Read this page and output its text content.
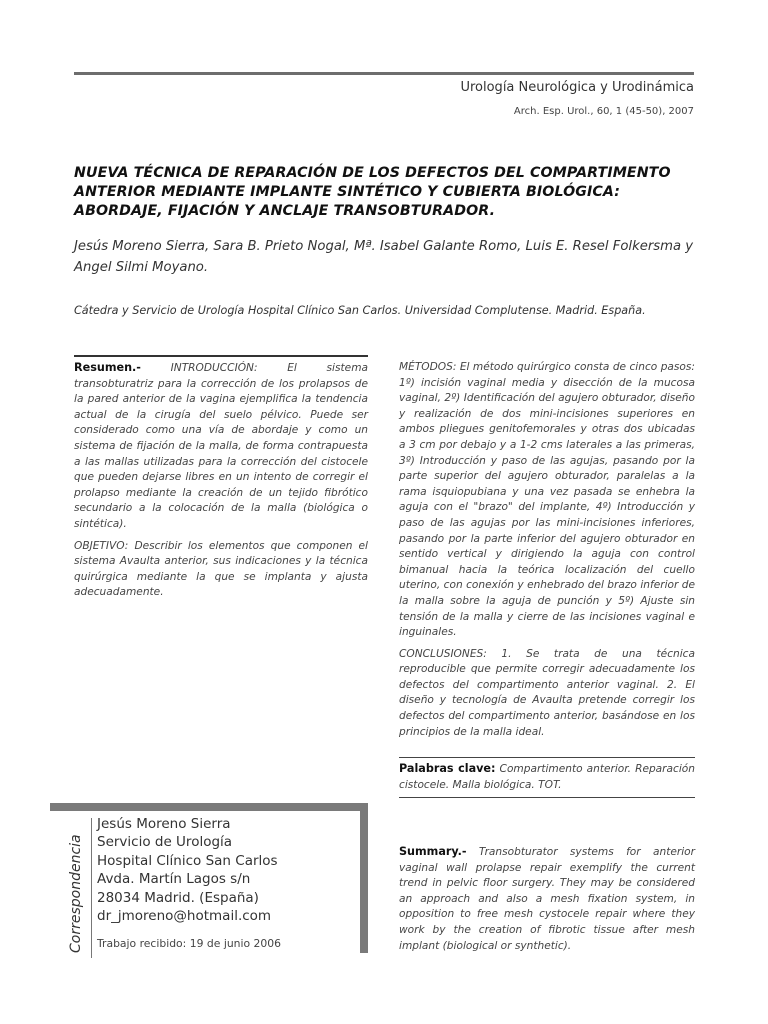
Urología Neurológica y Urodinámica
Arch. Esp. Urol., 60, 1 (45-50), 2007
NUEVA TÉCNICA DE REPARACIÓN DE LOS DEFECTOS DEL COMPARTIMENTO ANTERIOR MEDIANTE IMPLANTE SINTÉTICO Y CUBIERTA BIOLÓGICA: ABORDAJE, FIJACIÓN Y ANCLAJE TRANSOBTURADOR.
Jesús Moreno Sierra, Sara B. Prieto Nogal, Mª. Isabel Galante Romo, Luis E. Resel Folkersma y Angel Silmi Moyano.
Cátedra y Servicio de Urología Hospital Clínico San Carlos. Universidad Complutense. Madrid. España.

Resumen.-	INTRODUCCIÓN: El sistema transobturatriz para la corrección de los prolapsos de la pared anterior de la vagina ejemplifica la tendencia actual de la cirugía del suelo pélvico. Puede ser considerado como una vía de abordaje y como un sistema de fijación de la malla, de forma contrapuesta a las mallas utilizadas para la corrección del cistocele que pueden dejarse libres en un intento de corregir el prolapso mediante la creación de un tejido fibrótico secundario a la colocación de la malla (biológica o sintética).

OBJETIVO: Describir los elementos que componen el sistema Avaulta anterior, sus indicaciones y la técnica quirúrgica mediante la que se implanta y ajusta adecuadamente.

MÉTODOS: El método quirúrgico consta de cinco pasos: 1º) incisión vaginal media y disección de la mucosa vaginal, 2º) Identificación del agujero obturador, diseño y realización de dos mini-incisiones superiores en ambos pliegues genitofemorales y otras dos ubicadas a 3 cm por debajo y a 1-2 cms laterales a las primeras, 3º) Introducción y paso de las agujas, pasando por la parte superior del agujero obturador, paralelas a la rama isquiopubiana y una vez pasada se enhebra la aguja con el "brazo" del implante, 4º) Introducción y paso de las agujas por las mini-incisiones inferiores, pasando por la parte inferior del agujero obturador en sentido vertical y dirigiendo la aguja con control bimanual hacia la teórica localización del cuello uterino, con conexión y enhebrado del brazo inferior de la malla sobre la aguja de punción y 5º) Ajuste sin tensión de la malla y cierre de las incisiones vaginal e inguinales.

CONCLUSIONES: 1. Se trata de una técnica reproducible que permite corregir adecuadamente los defectos del compartimento anterior vaginal. 2. El diseño y tecnología de Avaulta pretende corregir los defectos del compartimento anterior, basándose en los principios de la malla ideal.

Palabras clave: Compartimento anterior. Reparación cistocele. Malla biológica. TOT.
Summary.- Transobturator systems for anterior vaginal wall prolapse repair exemplify the current trend in pelvic floor surgery. They may be considered an approach and also a mesh fixation system, in opposition to free mesh cystocele repair where they work by the creation of fibrotic tissue after mesh implant (biological or synthetic).
Correspondencia
Jesús Moreno Sierra
Servicio de Urología
Hospital Clínico San Carlos
Avda. Martín Lagos s/n
28034 Madrid. (España)
dr_jmoreno@hotmail.com
Trabajo recibido: 19 de junio 2006
